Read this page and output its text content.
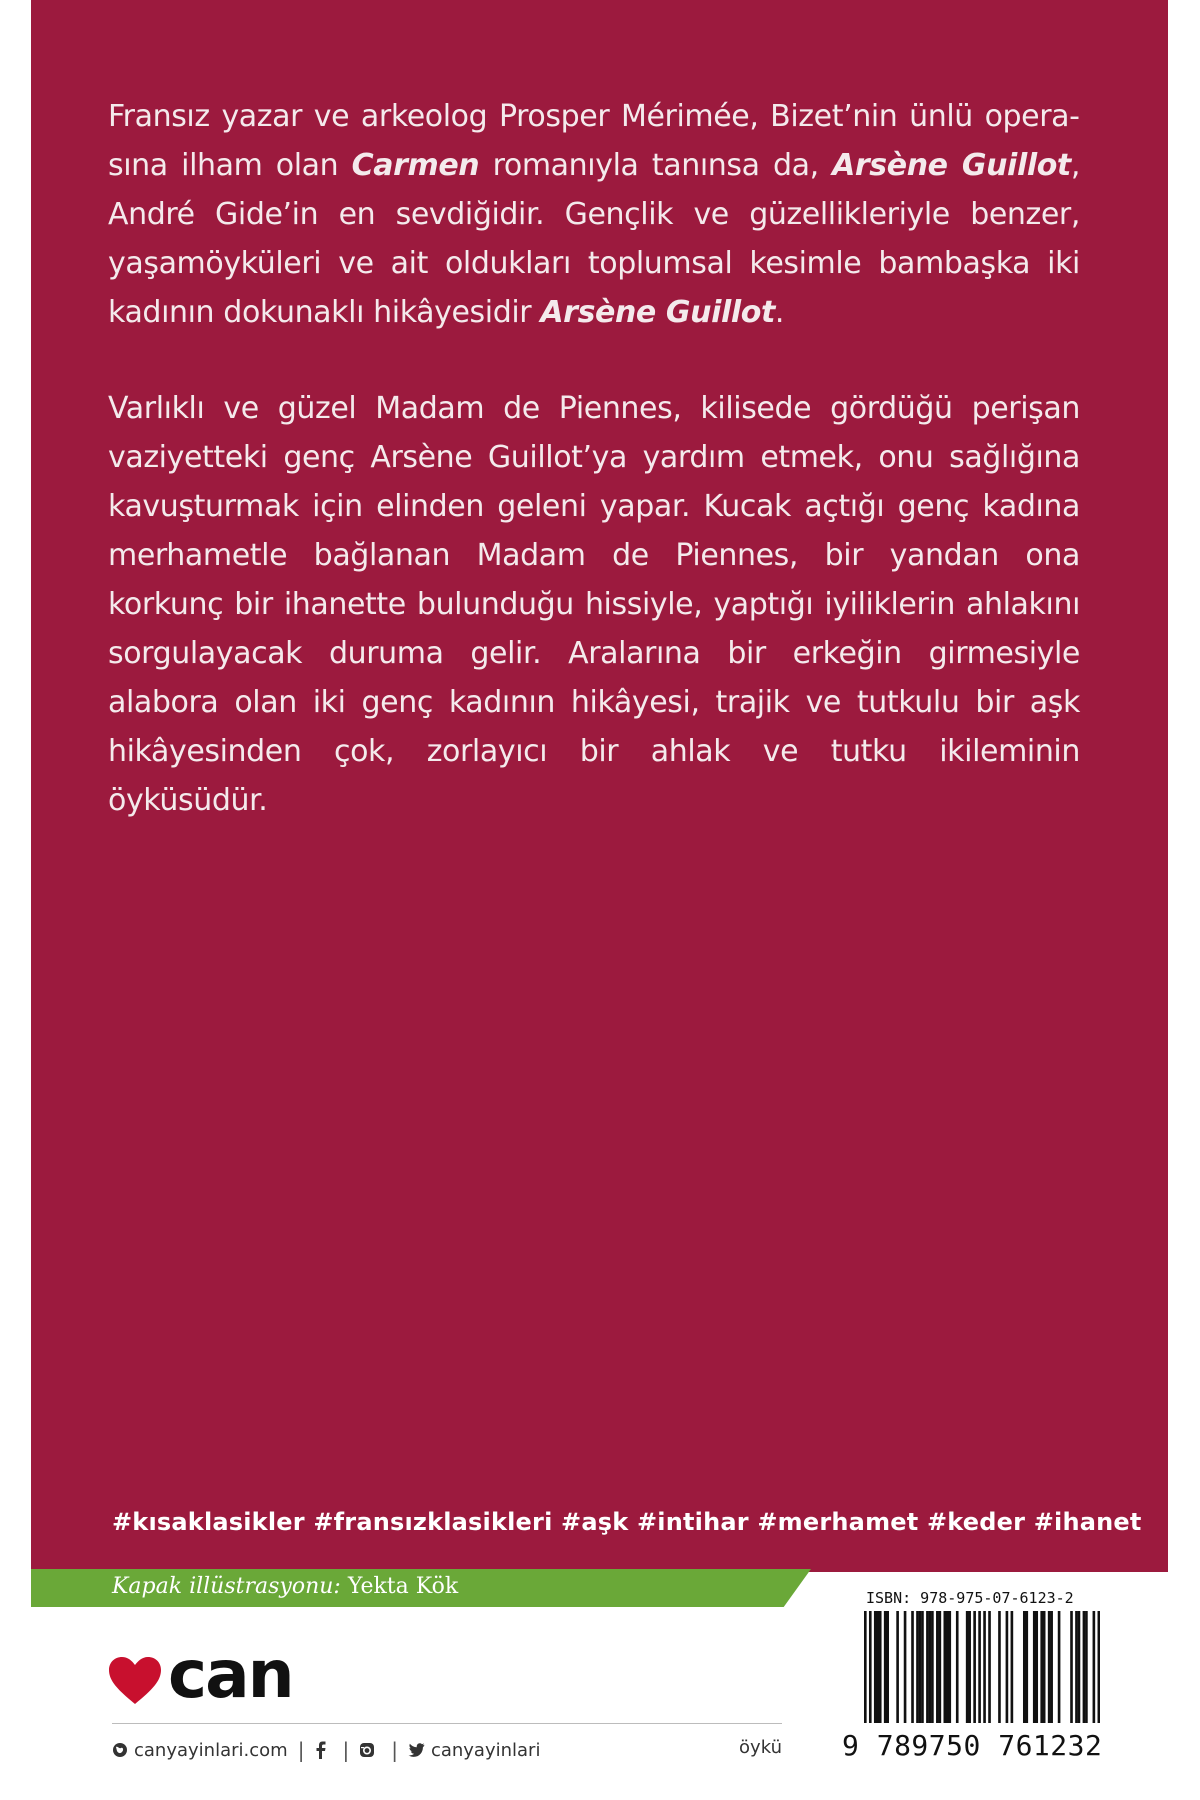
Fransız yazar ve arkeolog Prosper Mérimée, Bizet’nin ünlü operasına ilham olan Carmen romanıyla tanınsa da, Arsène Guillot, André Gide’in en sevdiğidir. Gençlik ve güzellikleriyle benzer, yaşamöyküleri ve ait oldukları toplumsal kesimle bambaşka iki kadının dokunaklı hikâyesidir Arsène Guillot.

Varlıklı ve güzel Madam de Piennes, kilisede gördüğü perişan vaziyetteki genç Arsène Guillot’ya yardım etmek, onu sağlığına kavuşturmak için elinden geleni yapar. Kucak açtığı genç kadına merhametle bağlanan Madam de Piennes, bir yandan ona korkunç bir ihanette bulunduğu hissiyle, yaptığı iyiliklerin ahlakını sorgulayacak duruma gelir. Aralarına bir erkeğin girmesiyle alabora olan iki genç kadının hikâyesi, trajik ve tutkulu bir aşk hikâyesinden çok, zorlayıcı bir ahlak ve tutku ikileminin öyküsüdür.

#kısaklasikler #fransızklasikleri #aşk #intihar #merhamet #keder #ihanet
Kapak illüstrasyonu: Yekta Kök
can
canyayinlari.com | | | canyayinlari	öykü
ISBN: 978-975-07-6123-2
9 789750 761232
